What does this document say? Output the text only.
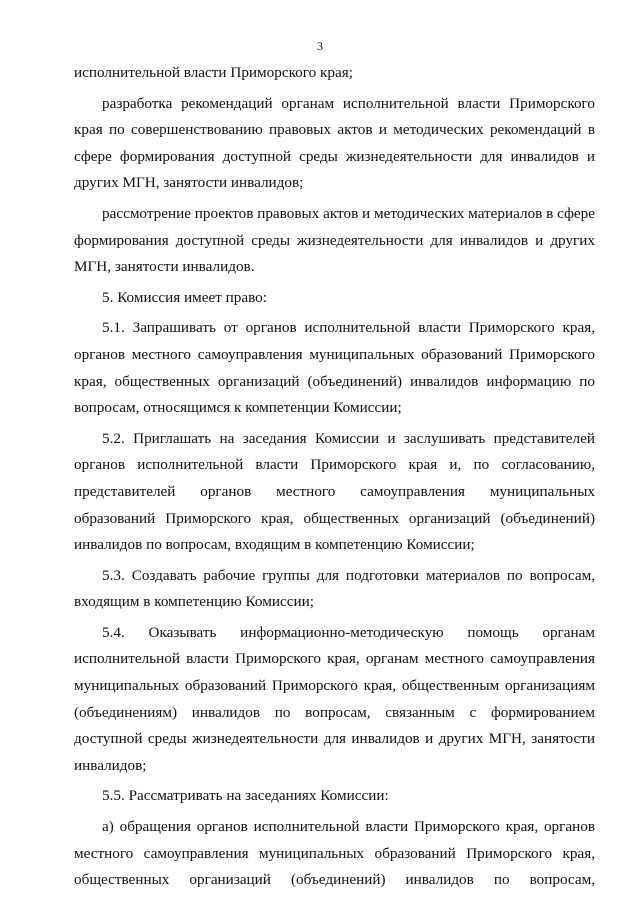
3

исполнительной власти Приморского края;

разработка рекомендаций органам исполнительной власти Приморского края по совершенствованию правовых актов и методических рекомендаций в сфере формирования доступной среды жизнедеятельности для инвалидов и других МГН, занятости инвалидов;

рассмотрение проектов правовых актов и методических материалов в сфере формирования доступной среды жизнедеятельности для инвалидов и других МГН, занятости инвалидов.

5. Комиссия имеет право:

5.1. Запрашивать от органов исполнительной власти Приморского края, органов местного самоуправления муниципальных образований Приморского края, общественных организаций (объединений) инвалидов информацию по вопросам, относящимся к компетенции Комиссии;

5.2. Приглашать на заседания Комиссии и заслушивать представителей органов исполнительной власти Приморского края и, по согласованию, представителей органов местного самоуправления муниципальных образований Приморского края, общественных организаций (объединений) инвалидов по вопросам, входящим в компетенцию Комиссии;

5.3. Создавать рабочие группы для подготовки материалов по вопросам, входящим в компетенцию Комиссии;

5.4. Оказывать информационно-методическую помощь органам исполнительной власти Приморского края, органам местного самоуправления муниципальных образований Приморского края, общественным организациям (объединениям) инвалидов по вопросам, связанным с формированием доступной среды жизнедеятельности для инвалидов и других МГН, занятости инвалидов;

5.5. Рассматривать на заседаниях Комиссии:

а) обращения органов исполнительной власти Приморского края, органов местного самоуправления муниципальных образований Приморского края, общественных организаций (объединений) инвалидов по вопросам,
